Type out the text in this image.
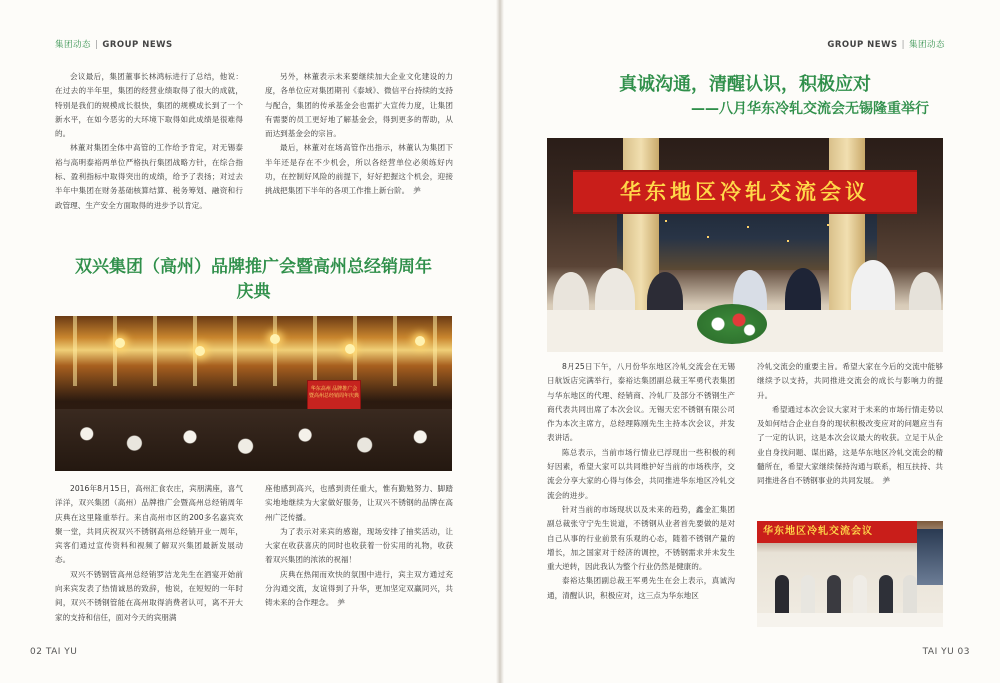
集团动态 | GROUP NEWS	GROUP NEWS | 集团动态

会议最后，集团董事长林鸿标进行了总结，他说：在过去的半年里，集团的经营业绩取得了很大的成就，特别是我们的规模成长很快，集团的规模成长到了一个新水平，在如今恶劣的大环境下取得如此成绩是很难得的。

林董对集团全体中高管的工作给予肯定，对无锡泰裕与高明泰裕两单位严格执行集团战略方针，在综合指标、盈利指标中取得突出的成绩，给予了表扬；对过去半年中集团在财务基础核算结算、税务筹划、融资和行政管理、生产安全方面取得的进步予以肯定。

另外，林董表示未来要继续加大企业文化建设的力度，各单位应对集团期刊《泰域》、微信平台持续的支持与配合，集团的传承基金会也需扩大宣传力度，让集团有需要的员工更好地了解基金会，得到更多的帮助，从而达到基金会的宗旨。

最后，林董对在场高管作出指示，林董认为集团下半年还是存在不少机会，所以各经营单位必须练好内功，在控制好风险的前提下，好好把握这个机会，迎接挑战把集团下半年的各项工作推上新台阶。 ⺶

双兴集团（高州）品牌推广会暨高州总经销周年
庆典
华东高州 品牌推广会 暨高州总经销周年庆典

2016年8月15日，高州汇食农庄，宾朋满座，喜气洋洋，双兴集团（高州）品牌推广会暨高州总经销周年庆典在这里隆重举行。来自高州市区的200多名嘉宾欢聚一堂，共同庆祝双兴不锈钢高州总经销开业一周年，宾客们通过宣传资料和视频了解双兴集团最新发展动态。

双兴不锈钢管高州总经销罗洁龙先生在酒宴开始前向来宾发表了热情诚恳的致辞，他说，在短短的一年时间，双兴不锈钢管能在高州取得消费者认可，离不开大家的支持和信任，面对今天的宾朋满

座他感到高兴，也感到责任重大，惟有勤勉努力、脚踏实地地继续为大家做好服务，让双兴不锈钢的品牌在高州广泛传播。

为了表示对来宾的感谢，现场安排了抽奖活动，让大家在收获喜庆的同时也收获着一份实用的礼物，收获着双兴集团的浓浓的祝福！

庆典在热闹而欢快的氛围中进行，宾主双方通过充分沟通交流，友谊得到了升华，更加坚定双赢同兴，共铸未来的合作理念。 ⺶

真诚沟通，清醒认识，积极应对
——八月华东冷轧交流会无锡隆重举行
华东地区冷轧交流会议

8月25日下午，八月份华东地区冷轧交流会在无锡日航饭店完满举行，泰裕达集团副总裁王军勇代表集团与华东地区的代理、经销商、冷轧厂及部分不锈钢生产商代表共同出席了本次会议。无锡天宏不锈钢有限公司作为本次主席方，总经理陈刚先生主持本次会议，并发表讲话。

陈总表示，当前市场行情业已浮现出一些积极的利好因素，希望大家可以共同维护好当前的市场秩序，交流会分享大家的心得与体会，共同推进华东地区冷轧交流会的进步。

针对当前的市场现状以及未来的趋势，鑫金汇集团副总裁张守宁先生说道，不锈钢从业者首先要做的是对自己从事的行业前景有乐观的心态，随着不锈钢产量的增长，加之国家对于经济的调控，不锈钢需求并未发生重大逆转，因此我认为整个行业仍然是健康的。

泰裕达集团副总裁王军勇先生在会上表示，真诚沟通，清醒认识，积极应对，这三点为华东地区

冷轧交流会的重要主旨。希望大家在今后的交流中能够继续予以支持，共同推进交流会的成长与影响力的提升。

希望通过本次会议大家对于未来的市场行情走势以及如何结合企业自身的现状积极改变应对的问题应当有了一定的认识，这是本次会议最大的收获。立足于从企业自身找问题、谋出路，这是华东地区冷轧交流会的精髓所在，希望大家继续保持沟通与联系，相互扶持、共同推进各自不锈钢事业的共同发展。 ⺶

华东地区冷轧交流会议
02 TAI YU	TAI YU 03
